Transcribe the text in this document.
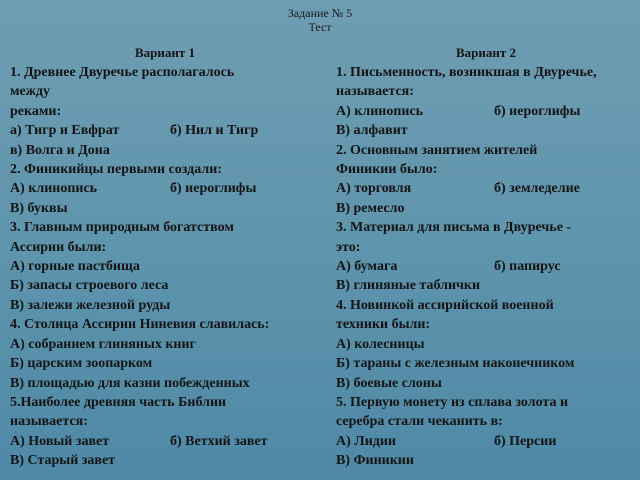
Задание № 5
Тест
Вариант 1
1. Древнее Двуречье располагалось
между
реками:
а) Тигр и Евфрат	б) Нил и Тигр
в) Волга и Дона
2. Финикийцы первыми создали:
А) клинопись	б) иероглифы
В) буквы
3. Главным природным богатством
Ассирии были:
А) горные пастбища
Б) запасы строевого леса
В) залежи железной руды
4. Столица Ассирии Ниневия славилась:
А) собранием глиняных книг
Б) царским зоопарком
В) площадью для казни побежденных
5.Наиболее древняя часть Библии
называется:
А) Новый завет	б) Ветхий завет
В) Старый завет
Вариант 2
1. Письменность, возникшая в Двуречье,
называется:
А) клинопись	б) иероглифы
В) алфавит
2. Основным занятием жителей
Финикии было:
А) торговля	б) земледелие
В) ремесло
3. Материал для письма в Двуречье -
это:
А) бумага	б) папирус
В) глиняные таблички
4. Новинкой ассирийской военной
техники были:
А) колесницы
Б) тараны с железным наконечником
В) боевые слоны
5. Первую монету из сплава золота и
серебра стали чеканить в:
А) Лидии	б) Персии
В) Финикии
